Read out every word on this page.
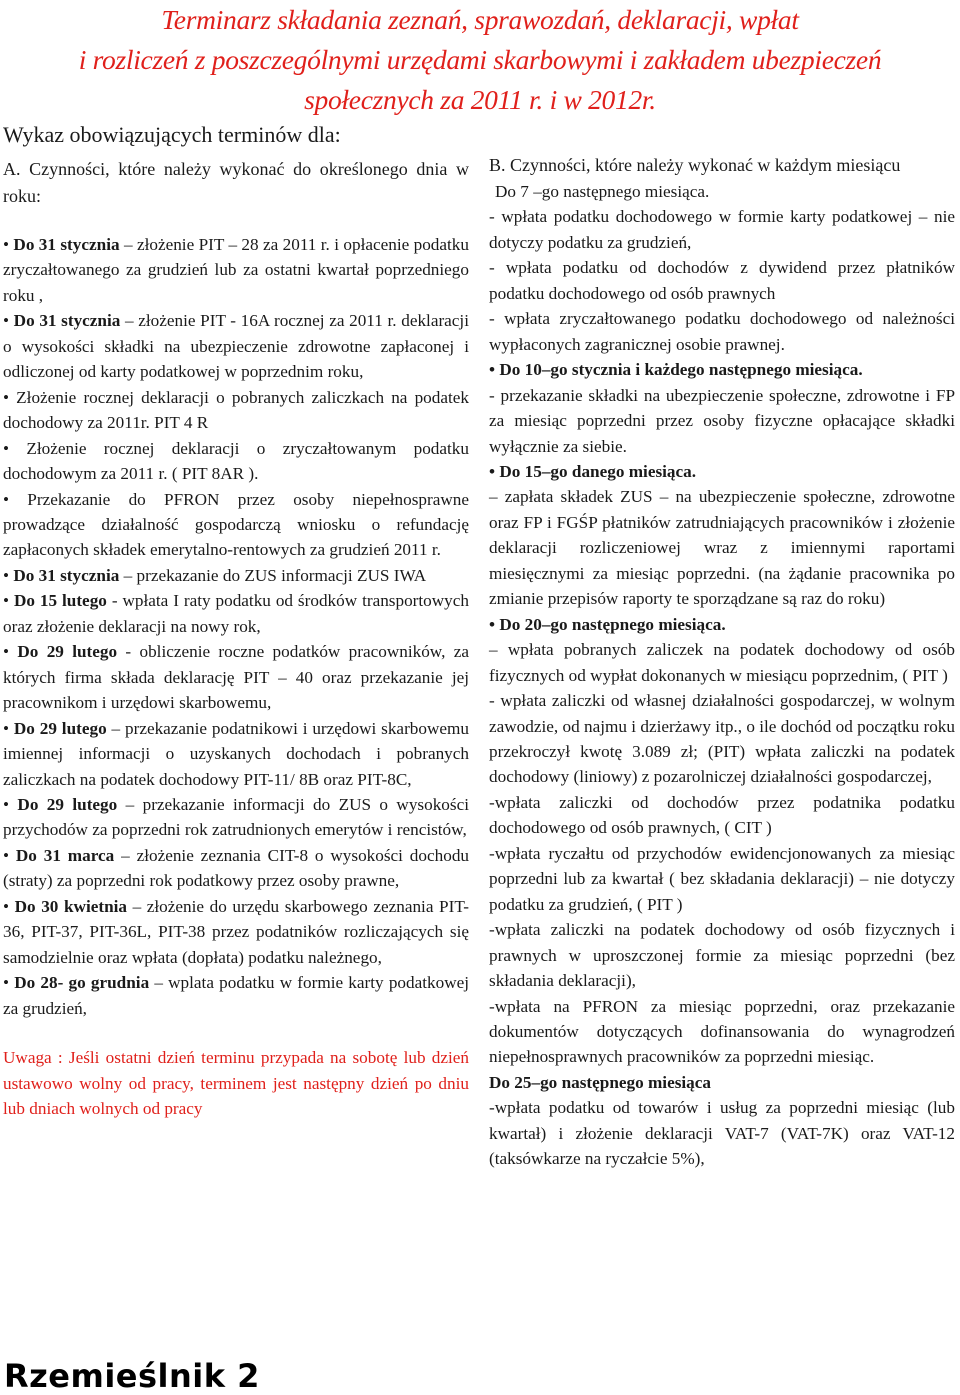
Terminarz składania zeznań, sprawozdań, deklaracji, wpłat
i rozliczeń z poszczególnymi urzędami skarbowymi i zakładem ubezpieczeń
społecznych za 2011 r. i w 2012r.

Wykaz obowiązujących terminów dla:

A. Czynności, które należy wykonać do określonego dnia w roku:

• Do 31 stycznia – złożenie PIT – 28 za 2011 r. i opłacenie podatku zryczałtowanego za grudzień lub za ostatni kwartał poprzedniego roku ,

• Do 31 stycznia – złożenie PIT - 16A rocznej za 2011 r. deklaracji o wysokości składki na ubezpieczenie zdrowotne zapłaconej i odliczonej od karty podatkowej w poprzednim roku,

• Złożenie rocznej deklaracji o pobranych zaliczkach na podatek dochodowy za 2011r. PIT 4 R

• Złożenie rocznej deklaracji o zryczałtowanym podatku dochodowym za 2011 r. ( PIT 8AR ).

• Przekazanie do PFRON przez osoby niepełnosprawne prowadzące działalność gospodarczą wniosku o refundację zapłaconych składek emerytalno-rentowych za grudzień 2011 r.

• Do 31 stycznia – przekazanie do ZUS informacji ZUS IWA

• Do 15 lutego - wpłata I raty podatku od środków transportowych oraz złożenie deklaracji na nowy rok,

• Do 29 lutego - obliczenie roczne podatków pracowników, za których firma składa deklarację PIT – 40 oraz przekazanie jej pracownikom i urzędowi skarbowemu,

• Do 29 lutego – przekazanie podatnikowi i urzędowi skarbowemu imiennej informacji o uzyskanych dochodach i pobranych zaliczkach na podatek dochodowy PIT-11/ 8B oraz PIT-8C,

• Do 29 lutego – przekazanie informacji do ZUS o wysokości przychodów za poprzedni rok zatrudnionych emerytów i rencistów,

• Do 31 marca – złożenie zeznania CIT-8 o wysokości dochodu (straty) za poprzedni rok podatkowy przez osoby prawne,

• Do 30 kwietnia – złożenie do urzędu skarbowego zeznania PIT-36, PIT-37, PIT-36L, PIT-38 przez podatników rozliczających się samodzielnie oraz wpłata (dopłata) podatku należnego,

• Do 28- go grudnia – wplata podatku w formie karty podatkowej za grudzień,

Uwaga : Jeśli ostatni dzień terminu przypada na sobotę lub dzień ustawowo wolny od pracy, terminem jest następny dzień po dniu lub dniach wolnych od pracy

B. Czynności, które należy wykonać w każdym miesiącu

Do 7 –go następnego miesiąca.

- wpłata podatku dochodowego w formie karty podatkowej – nie dotyczy podatku za grudzień,

- wpłata podatku od dochodów z dywidend przez płatników podatku dochodowego od osób prawnych

- wpłata zryczałtowanego podatku dochodowego od należności wypłaconych zagranicznej osobie prawnej.

• Do 10–go stycznia i każdego następnego miesiąca.

- przekazanie składki na ubezpieczenie społeczne, zdrowotne i FP za miesiąc poprzedni przez osoby fizyczne opłacające składki wyłącznie za siebie.

• Do 15–go danego miesiąca.

– zapłata składek ZUS – na ubezpieczenie społeczne, zdrowotne oraz FP i FGŚP płatników zatrudniających pracowników i złożenie deklaracji rozliczeniowej wraz z imiennymi raportami miesięcznymi za miesiąc poprzedni. (na żądanie pracownika po zmianie przepisów raporty te sporządzane są raz do roku)

• Do 20–go następnego miesiąca.

– wpłata pobranych zaliczek na podatek dochodowy od osób fizycznych od wypłat dokonanych w miesiącu poprzednim, ( PIT )

- wpłata zaliczki od własnej działalności gospodarczej, w wolnym zawodzie, od najmu i dzierżawy itp., o ile dochód od początku roku przekroczył kwotę 3.089 zł; (PIT) wpłata zaliczki na podatek dochodowy (liniowy) z pozarolniczej działalności gospodarczej,

-wpłata zaliczki od dochodów przez podatnika podatku dochodowego od osób prawnych, ( CIT )

-wpłata ryczałtu od przychodów ewidencjonowanych za miesiąc poprzedni lub za kwartał ( bez składania deklaracji) – nie dotyczy podatku za grudzień, ( PIT )

-wpłata zaliczki na podatek dochodowy od osób fizycznych i prawnych w uproszczonej formie za miesiąc poprzedni (bez składania deklaracji),

-wpłata na PFRON za miesiąc poprzedni, oraz przekazanie dokumentów dotyczących dofinansowania do wynagrodzeń niepełnosprawnych pracowników za poprzedni miesiąc.

Do 25–go następnego miesiąca

-wpłata podatku od towarów i usług za poprzedni miesiąc (lub kwartał) i złożenie deklaracji VAT-7 (VAT-7K) oraz VAT-12 (taksówkarze na ryczałcie 5%),

Rzemieślnik 2
